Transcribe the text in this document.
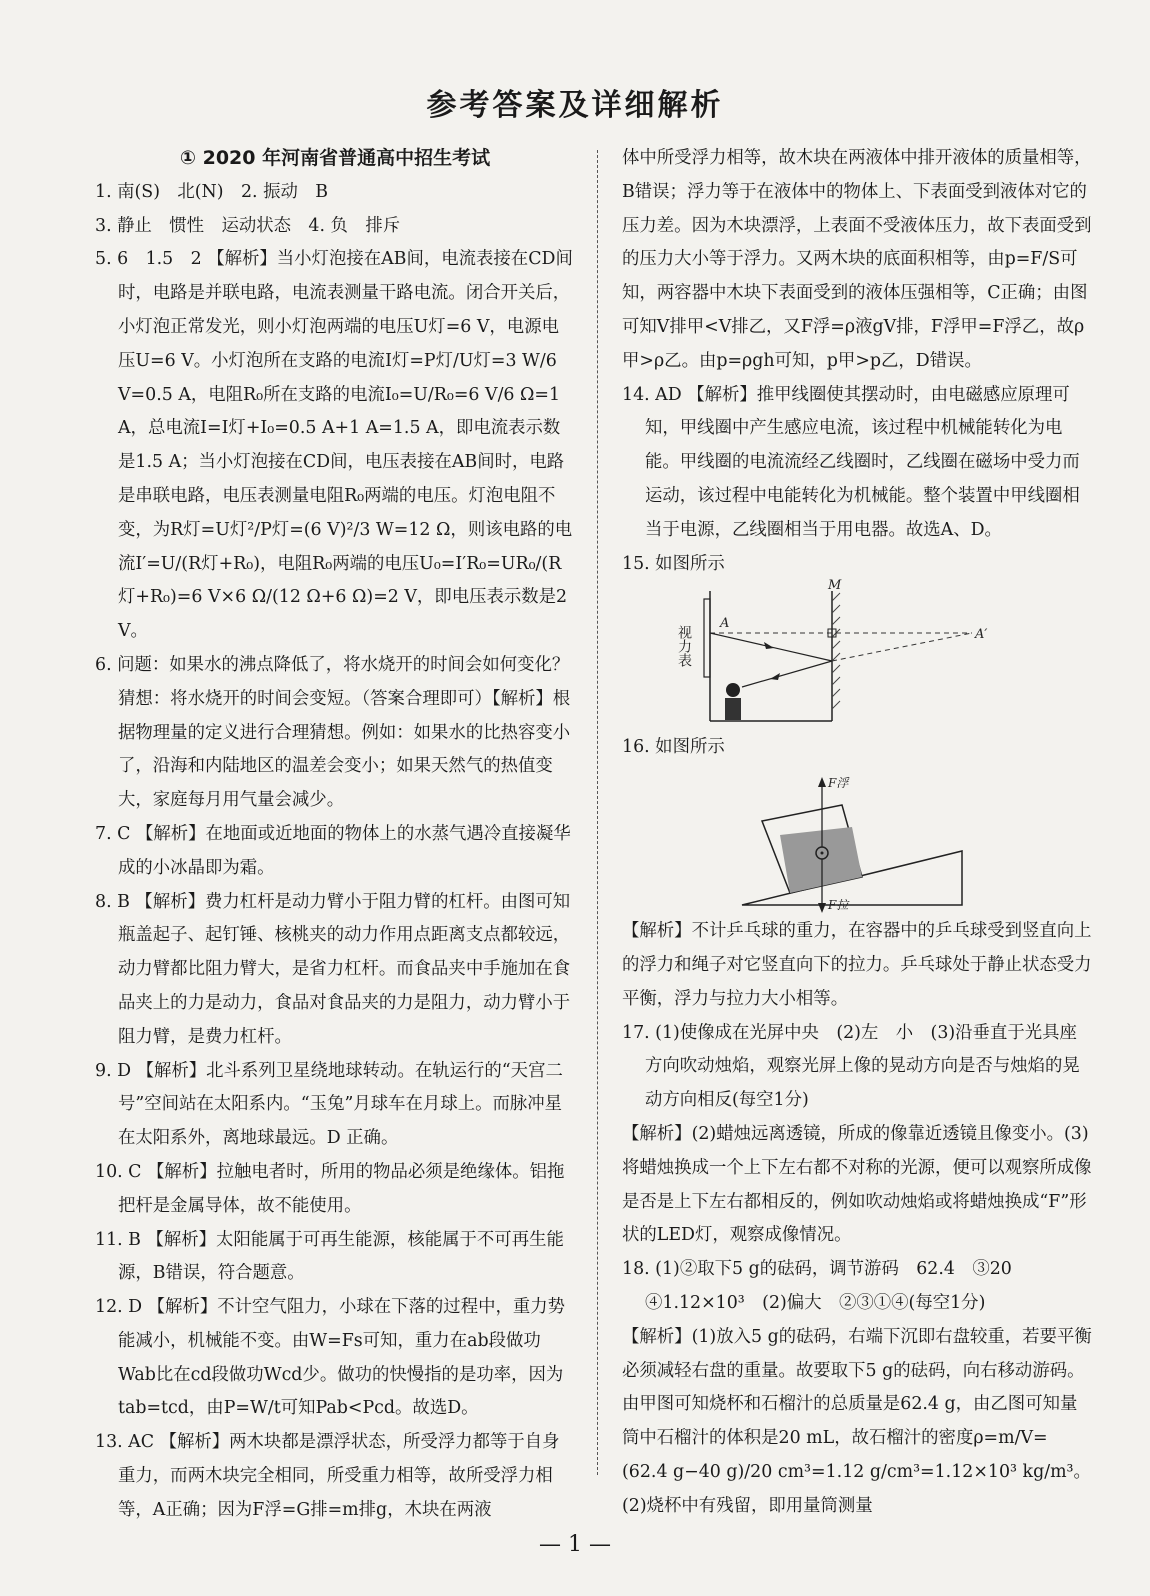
参考答案及详细解析
① 2020 年河南省普通高中招生考试

1. 南(S)　北(N)　2. 振动　B

3. 静止　惯性　运动状态　4. 负　排斥

5. 6　1.5　2 【解析】当小灯泡接在AB间，电流表接在CD间时，电路是并联电路，电流表测量干路电流。闭合开关后，小灯泡正常发光，则小灯泡两端的电压U灯=6 V，电源电压U=6 V。小灯泡所在支路的电流I灯=P灯/U灯=3 W/6 V=0.5 A，电阻R₀所在支路的电流I₀=U/R₀=6 V/6 Ω=1 A，总电流I=I灯+I₀=0.5 A+1 A=1.5 A，即电流表示数是1.5 A；当小灯泡接在CD间，电压表接在AB间时，电路是串联电路，电压表测量电阻R₀两端的电压。灯泡电阻不变，为R灯=U灯²/P灯=(6 V)²/3 W=12 Ω，则该电路的电流I′=U/(R灯+R₀)，电阻R₀两端的电压U₀=I′R₀=UR₀/(R灯+R₀)=6 V×6 Ω/(12 Ω+6 Ω)=2 V，即电压表示数是2 V。

6. 问题：如果水的沸点降低了，将水烧开的时间会如何变化？　猜想：将水烧开的时间会变短。（答案合理即可）【解析】根据物理量的定义进行合理猜想。例如：如果水的比热容变小了，沿海和内陆地区的温差会变小；如果天然气的热值变大，家庭每月用气量会减少。

7. C 【解析】在地面或近地面的物体上的水蒸气遇冷直接凝华成的小冰晶即为霜。

8. B 【解析】费力杠杆是动力臂小于阻力臂的杠杆。由图可知瓶盖起子、起钉锤、核桃夹的动力作用点距离支点都较远，动力臂都比阻力臂大，是省力杠杆。而食品夹中手施加在食品夹上的力是动力，食品对食品夹的力是阻力，动力臂小于阻力臂，是费力杠杆。

9. D 【解析】北斗系列卫星绕地球转动。在轨运行的“天宫二号”空间站在太阳系内。“玉兔”月球车在月球上。而脉冲星在太阳系外，离地球最远。D 正确。

10. C 【解析】拉触电者时，所用的物品必须是绝缘体。铝拖把杆是金属导体，故不能使用。

11. B 【解析】太阳能属于可再生能源，核能属于不可再生能源，B错误，符合题意。

12. D 【解析】不计空气阻力，小球在下落的过程中，重力势能减小，机械能不变。由W=Fs可知，重力在ab段做功Wab比在cd段做功Wcd少。做功的快慢指的是功率，因为tab=tcd，由P=W/t可知Pab<Pcd。故选D。

13. AC 【解析】两木块都是漂浮状态，所受浮力都等于自身重力，而两木块完全相同，所受重力相等，故所受浮力相等，A正确；因为F浮=G排=m排g，木块在两液

体中所受浮力相等，故木块在两液体中排开液体的质量相等，B错误；浮力等于在液体中的物体上、下表面受到液体对它的压力差。因为木块漂浮，上表面不受液体压力，故下表面受到的压力大小等于浮力。又两木块的底面积相等，由p=F/S可知，两容器中木块下表面受到的液体压强相等，C正确；由图可知V排甲<V排乙，又F浮=ρ液gV排，F浮甲=F浮乙，故ρ甲>ρ乙。由p=ρgh可知，p甲>p乙，D错误。

14. AD 【解析】推甲线圈使其摆动时，由电磁感应原理可知，甲线圈中产生感应电流，该过程中机械能转化为电能。甲线圈的电流流经乙线圈时，乙线圈在磁场中受力而运动，该过程中电能转化为机械能。整个装置中甲线圈相当于电源，乙线圈相当于用电器。故选A、D。

15. 如图所示

A
A′
M
视力表

16. 如图所示

F浮
F拉

【解析】不计乒乓球的重力，在容器中的乒乓球受到竖直向上的浮力和绳子对它竖直向下的拉力。乒乓球处于静止状态受力平衡，浮力与拉力大小相等。

17. (1)使像成在光屏中央　(2)左　小　(3)沿垂直于光具座方向吹动烛焰，观察光屏上像的晃动方向是否与烛焰的晃动方向相反(每空1分)

【解析】(2)蜡烛远离透镜，所成的像靠近透镜且像变小。(3)将蜡烛换成一个上下左右都不对称的光源，便可以观察所成像是否是上下左右都相反的，例如吹动烛焰或将蜡烛换成“F”形状的LED灯，观察成像情况。

18. (1)②取下5 g的砝码，调节游码　62.4　③20　④1.12×10³　(2)偏大　②③①④(每空1分)

【解析】(1)放入5 g的砝码，右端下沉即右盘较重，若要平衡必须减轻右盘的重量。故要取下5 g的砝码，向右移动游码。由甲图可知烧杯和石榴汁的总质量是62.4 g，由乙图可知量筒中石榴汁的体积是20 mL，故石榴汁的密度ρ=m/V=(62.4 g−40 g)/20 cm³=1.12 g/cm³=1.12×10³ kg/m³。(2)烧杯中有残留，即用量筒测量

— 1 —
